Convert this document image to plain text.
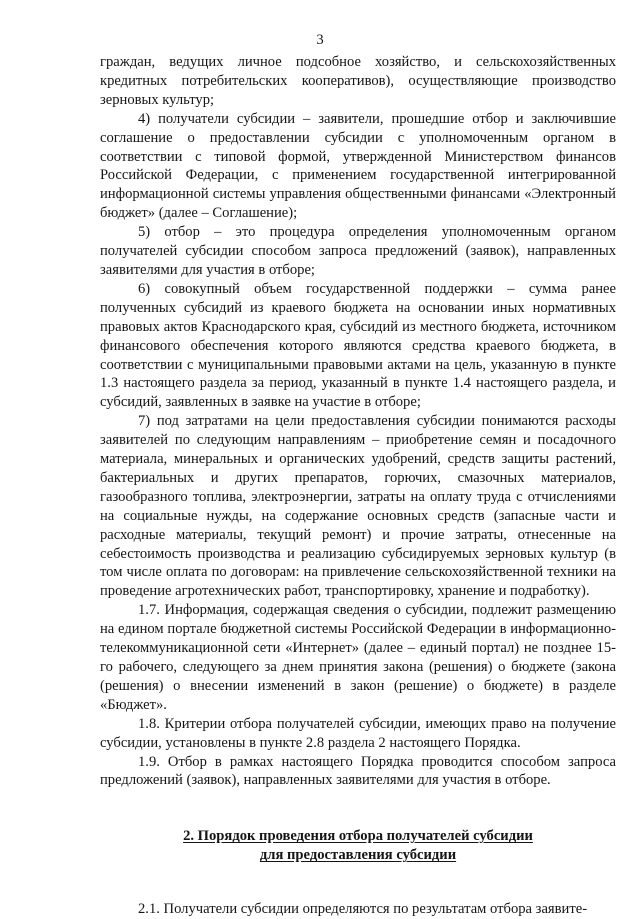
3

граждан, ведущих личное подсобное хозяйство, и сельскохозяйственных кредитных потребительских кооперативов), осуществляющие производство зерновых культур;

4) получатели субсидии – заявители, прошедшие отбор и заключившие соглашение о предоставлении субсидии с уполномоченным органом в соответствии с типовой формой, утвержденной Министерством финансов Российской Федерации, с применением государственной интегрированной информационной системы управления общественными финансами «Электронный бюджет» (далее – Соглашение);

5) отбор – это процедура определения уполномоченным органом получателей субсидии способом запроса предложений (заявок), направленных заявителями для участия в отборе;

6) совокупный объем государственной поддержки – сумма ранее полученных субсидий из краевого бюджета на основании иных нормативных правовых актов Краснодарского края, субсидий из местного бюджета, источником финансового обеспечения которого являются средства краевого бюджета, в соответствии с муниципальными правовыми актами на цель, указанную в пункте 1.3 настоящего раздела за период, указанный в пункте 1.4 настоящего раздела, и субсидий, заявленных в заявке на участие в отборе;

7) под затратами на цели предоставления субсидии понимаются расходы заявителей по следующим направлениям – приобретение семян и посадочного материала, минеральных и органических удобрений, средств защиты растений, бактериальных и других препаратов, горючих, смазочных материалов, газообразного топлива, электроэнергии, затраты на оплату труда с отчислениями на социальные нужды, на содержание основных средств (запасные части и расходные материалы, текущий ремонт) и прочие затраты, отнесенные на себестоимость производства и реализацию субсидируемых зерновых культур (в том числе оплата по договорам: на привлечение сельскохозяйственной техники на проведение агротехнических работ, транспортировку, хранение и подработку).

1.7. Информация, содержащая сведения о субсидии, подлежит размещению на едином портале бюджетной системы Российской Федерации в информационно-телекоммуникационной сети «Интернет» (далее – единый портал) не позднее 15-го рабочего, следующего за днем принятия закона (решения) о бюджете (закона (решения) о внесении изменений в закон (решение) о бюджете) в разделе «Бюджет».

1.8. Критерии отбора получателей субсидии, имеющих право на получение субсидии, установлены в пункте 2.8 раздела 2 настоящего Порядка.

1.9. Отбор в рамках настоящего Порядка проводится способом запроса предложений (заявок), направленных заявителями для участия в отборе.

2. Порядок проведения отбора получателей субсидии
для предоставления субсидии

2.1. Получатели субсидии определяются по результатам отбора заявите-
